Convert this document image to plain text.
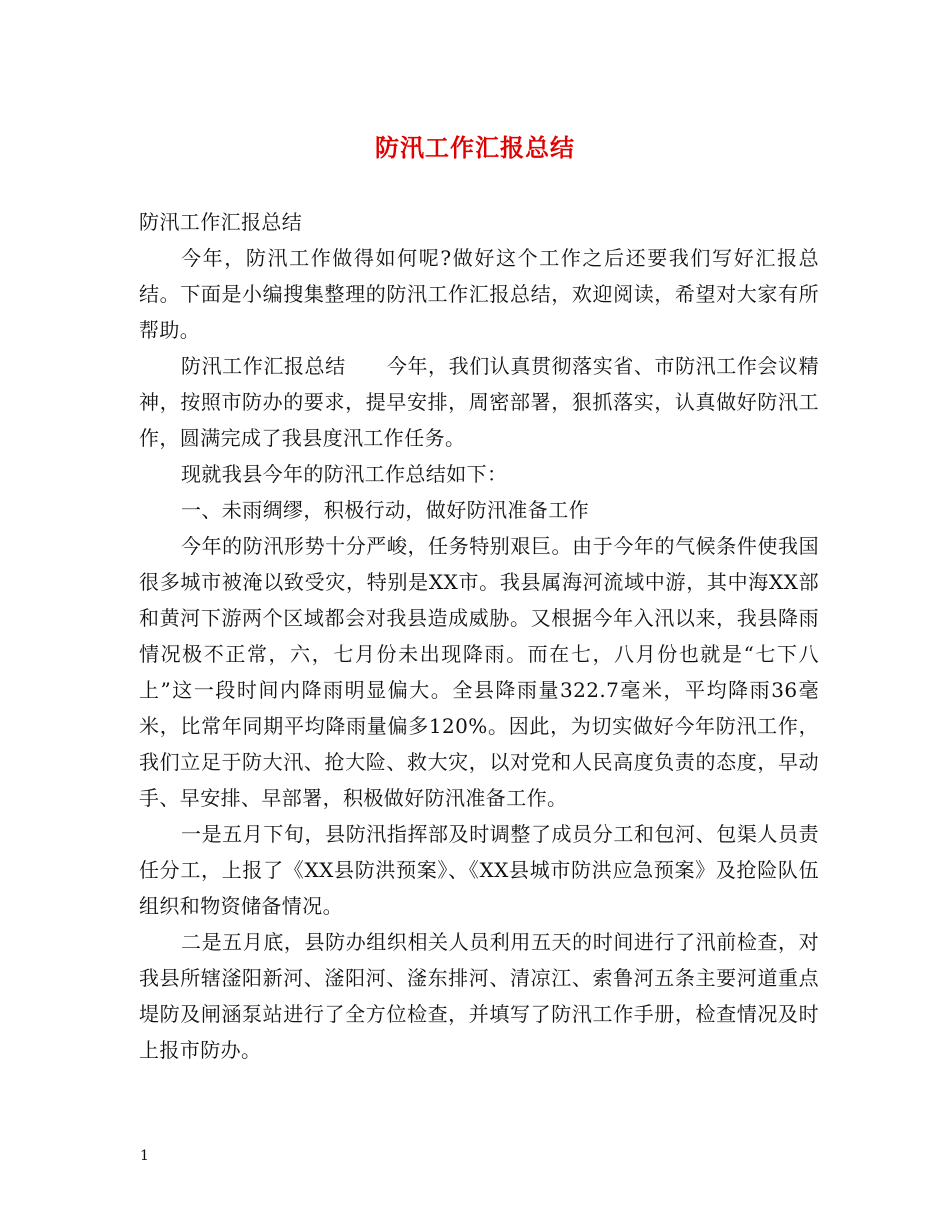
防汛工作汇报总结

防汛工作汇报总结

今年，防汛工作做得如何呢?做好这个工作之后还要我们写好汇报总结。下面是小编搜集整理的防汛工作汇报总结，欢迎阅读，希望对大家有所帮助。

防汛工作汇报总结　　今年，我们认真贯彻落实省、市防汛工作会议精神，按照市防办的要求，提早安排，周密部署，狠抓落实，认真做好防汛工作，圆满完成了我县度汛工作任务。

现就我县今年的防汛工作总结如下：

一、未雨绸缪，积极行动，做好防汛准备工作

今年的防汛形势十分严峻，任务特别艰巨。由于今年的气候条件使我国很多城市被淹以致受灾，特别是XX市。我县属海河流域中游，其中海XX部和黄河下游两个区域都会对我县造成威胁。又根据今年入汛以来，我县降雨情况极不正常，六，七月份未出现降雨。而在七，八月份也就是“七下八上”这一段时间内降雨明显偏大。全县降雨量322.7毫米，平均降雨36毫米，比常年同期平均降雨量偏多120%。因此，为切实做好今年防汛工作，我们立足于防大汛、抢大险、救大灾，以对党和人民高度负责的态度，早动手、早安排、早部署，积极做好防汛准备工作。

一是五月下旬，县防汛指挥部及时调整了成员分工和包河、包渠人员责任分工，上报了《XX县防洪预案》、《XX县城市防洪应急预案》及抢险队伍组织和物资储备情况。

二是五月底，县防办组织相关人员利用五天的时间进行了汛前检查，对我县所辖滏阳新河、滏阳河、滏东排河、清凉江、索鲁河五条主要河道重点堤防及闸涵泵站进行了全方位检查，并填写了防汛工作手册，检查情况及时上报市防办。

1
